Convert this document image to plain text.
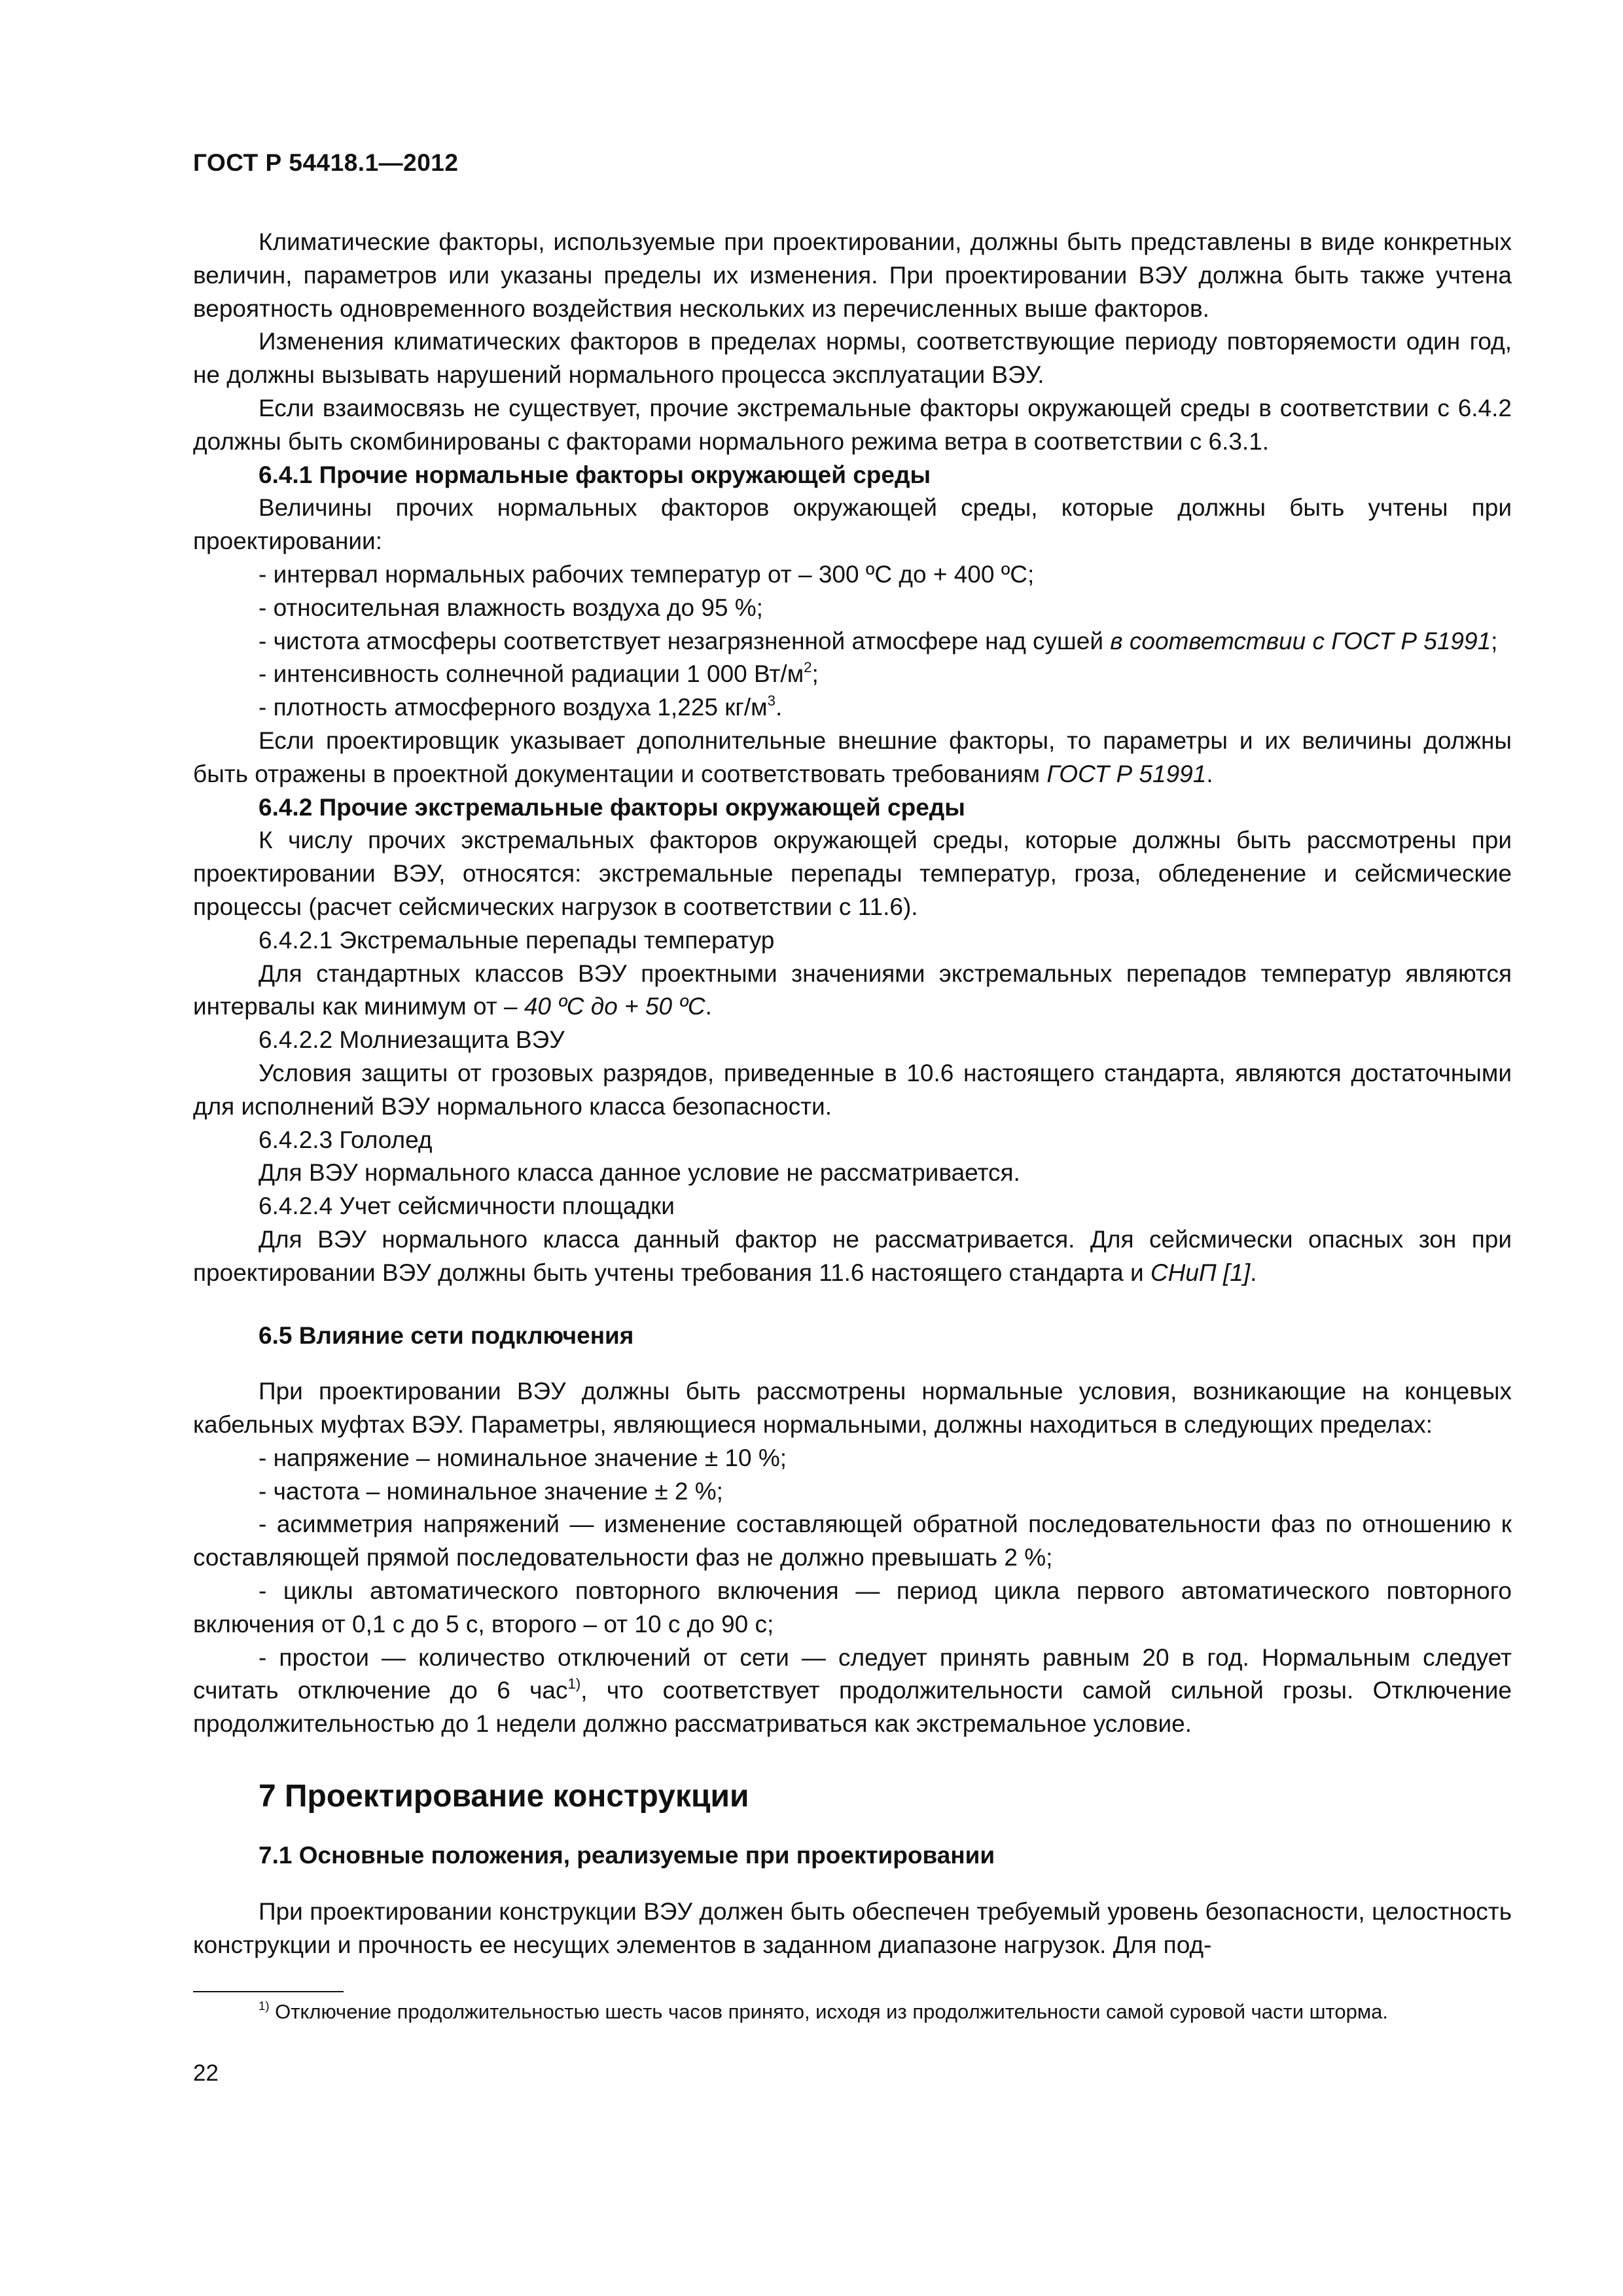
ГОСТ Р 54418.1—2012

Климатические факторы, используемые при проектировании, должны быть представлены в виде конкретных величин, параметров или указаны пределы их изменения. При проектировании ВЭУ должна быть также учтена вероятность одновременного воздействия нескольких из перечисленных выше факторов.

Изменения климатических факторов в пределах нормы, соответствующие периоду повторяемости один год, не должны вызывать нарушений нормального процесса эксплуатации ВЭУ.

Если взаимосвязь не существует, прочие экстремальные факторы окружающей среды в соответствии с 6.4.2 должны быть скомбинированы с факторами нормального режима ветра в соответствии с 6.3.1.

6.4.1 Прочие нормальные факторы окружающей среды

Величины прочих нормальных факторов окружающей среды, которые должны быть учтены при проектировании:

- интервал нормальных рабочих температур от – 300 ºС до + 400 ºС;

- относительная влажность воздуха до 95 %;

- чистота атмосферы соответствует незагрязненной атмосфере над сушей в соответствии с ГОСТ Р 51991;

- интенсивность солнечной радиации 1 000 $Вт/м^2$;

- плотность атмосферного воздуха 1,225 $кг/м^3$.

Если проектировщик указывает дополнительные внешние факторы, то параметры и их величины должны быть отражены в проектной документации и соответствовать требованиям ГОСТ Р 51991.

6.4.2 Прочие экстремальные факторы окружающей среды

К числу прочих экстремальных факторов окружающей среды, которые должны быть рассмотрены при проектировании ВЭУ, относятся: экстремальные перепады температур, гроза, обледенение и сейсмические процессы (расчет сейсмических нагрузок в соответствии с 11.6).

6.4.2.1 Экстремальные перепады температур

Для стандартных классов ВЭУ проектными значениями экстремальных перепадов температур являются интервалы как минимум от – 40 ºС до + 50 ºС.

6.4.2.2 Молниезащита ВЭУ

Условия защиты от грозовых разрядов, приведенные в 10.6 настоящего стандарта, являются достаточными для исполнений ВЭУ нормального класса безопасности.

6.4.2.3 Гололед

Для ВЭУ нормального класса данное условие не рассматривается.

6.4.2.4 Учет сейсмичности площадки

Для ВЭУ нормального класса данный фактор не рассматривается. Для сейсмически опасных зон при проектировании ВЭУ должны быть учтены требования 11.6 настоящего стандарта и СНиП [1].

6.5 Влияние сети подключения

При проектировании ВЭУ должны быть рассмотрены нормальные условия, возникающие на концевых кабельных муфтах ВЭУ. Параметры, являющиеся нормальными, должны находиться в следующих пределах:

- напряжение – номинальное значение ± 10 %;

- частота – номинальное значение ± 2 %;

- асимметрия напряжений — изменение составляющей обратной последовательности фаз по отношению к составляющей прямой последовательности фаз не должно превышать 2 %;

- циклы автоматического повторного включения — период цикла первого автоматического повторного включения от 0,1 с до 5 с, второго – от 10 с до 90 с;

- простои — количество отключений от сети — следует принять равным 20 в год. Нормальным следует считать отключение до 6 час$^{1)}$, что соответствует продолжительности самой сильной грозы. Отключение продолжительностью до 1 недели должно рассматриваться как экстремальное условие.

7 Проектирование конструкции

7.1 Основные положения, реализуемые при проектировании

При проектировании конструкции ВЭУ должен быть обеспечен требуемый уровень безопасности, целостность конструкции и прочность ее несущих элементов в заданном диапазоне нагрузок. Для под-

$^{1)}$ Отключение продолжительностью шесть часов принято, исходя из продолжительности самой суровой части шторма.

22
